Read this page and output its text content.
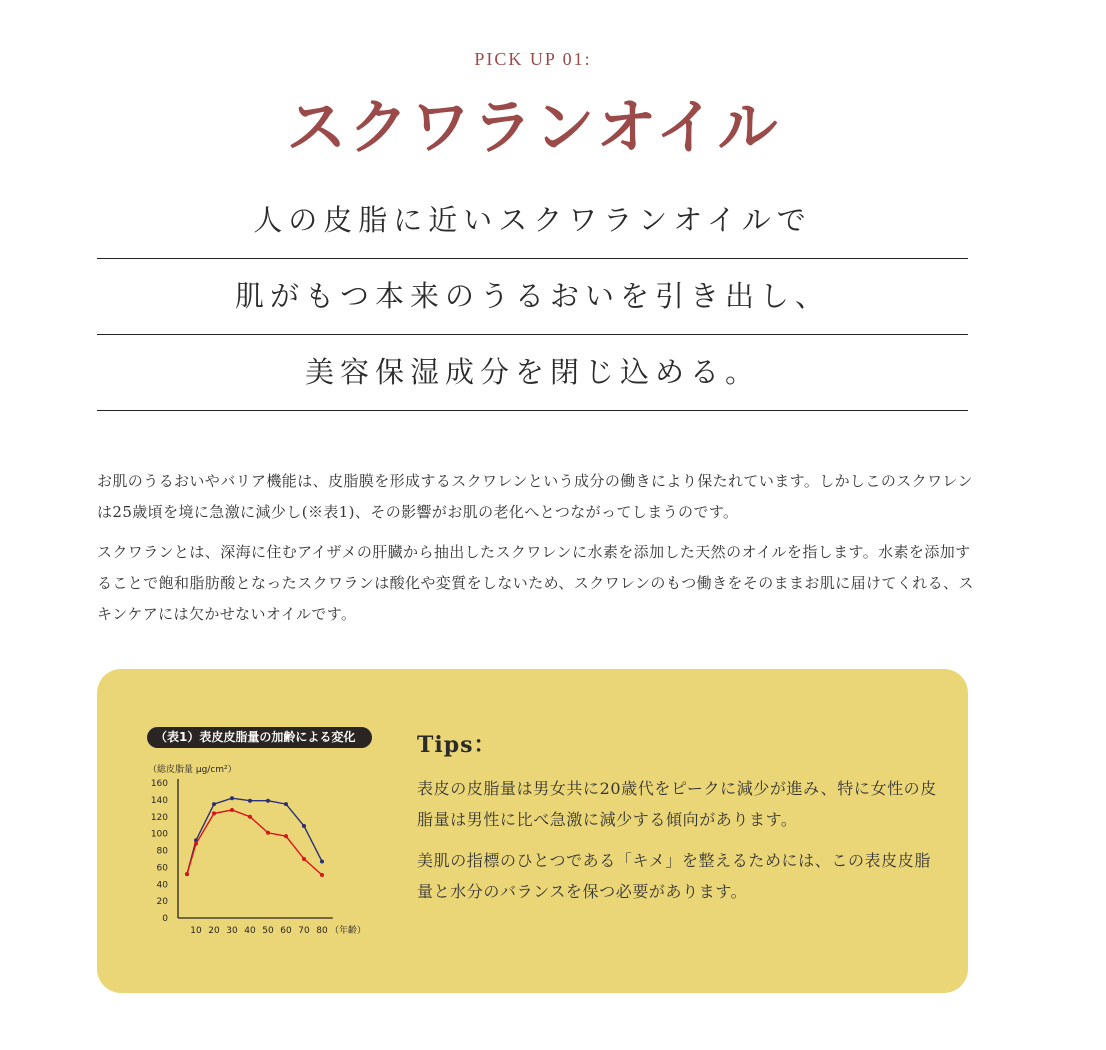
PICK UP 01:
スクワランオイル
人の皮脂に近いスクワランオイルで
肌がもつ本来のうるおいを引き出し、
美容保湿成分を閉じ込める。

お肌のうるおいやバリア機能は、皮脂膜を形成するスクワレンという成分の働きにより保たれています。しかしこのスクワレンは25歳頃を境に急激に減少し(※表1)、その影響がお肌の老化へとつながってしまうのです。

スクワランとは、深海に住むアイザメの肝臓から抽出したスクワレンに水素を添加した天然のオイルを指します。水素を添加することで飽和脂肪酸となったスクワランは酸化や変質をしないため、スクワレンのもつ働きをそのままお肌に届けてくれる、スキンケアには欠かせないオイルです。

（表1）表皮皮脂量の加齢による変化
（総皮脂量 μg/cm²）
160
140
120
100
80
60
40
20
0
10 20 30 40 50 60 70 80 （年齢）
Tips：

表皮の皮脂量は男女共に20歳代をピークに減少が進み、特に女性の皮脂量は男性に比べ急激に減少する傾向があります。

美肌の指標のひとつである「キメ」を整えるためには、この表皮皮脂量と水分のバランスを保つ必要があります。
